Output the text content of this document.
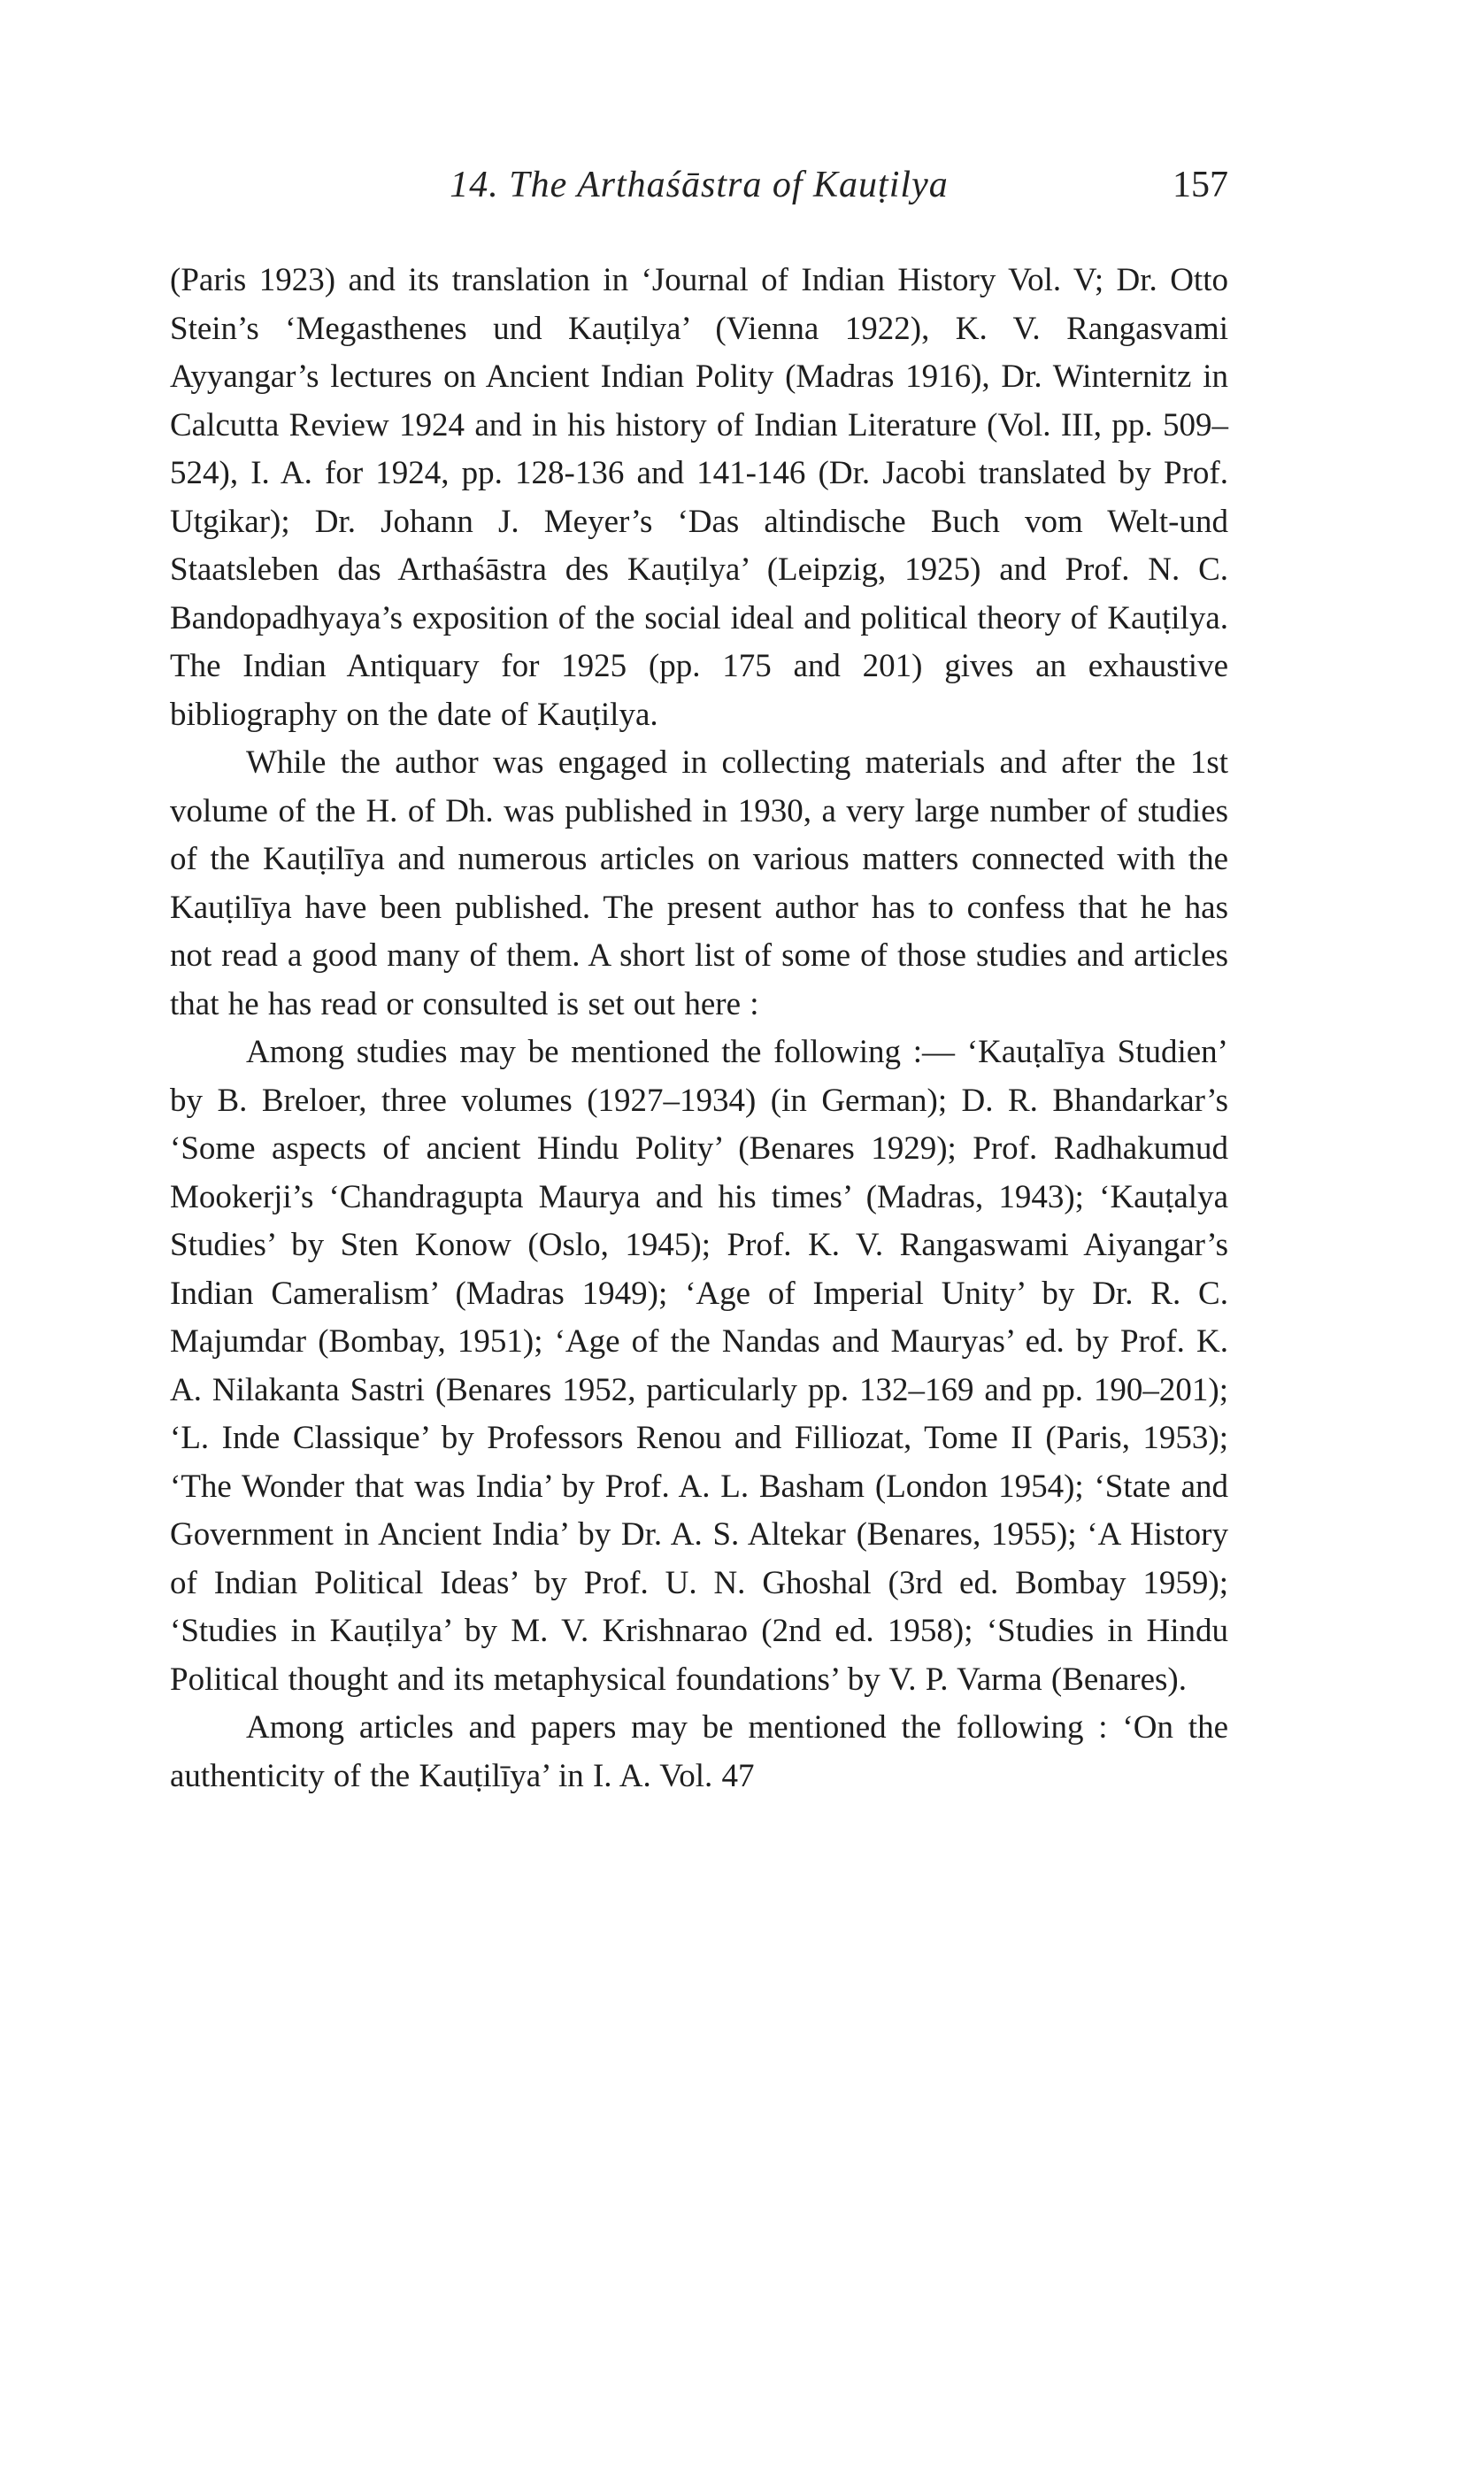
14. The Arthaśāstra of Kauṭilya	157

(Paris 1923) and its translation in ‘Journal of Indian History Vol. V; Dr. Otto Stein’s ‘Megasthenes und Kauṭilya’ (Vienna 1922), K. V. Rangasvami Ayyangar’s lectures on Ancient Indian Polity (Madras 1916), Dr. Winternitz in Calcutta Review 1924 and in his history of Indian Literature (Vol. III, pp. 509–524), I. A. for 1924, pp. 128-136 and 141-146 (Dr. Jacobi translated by Prof. Utgikar); Dr. Johann J. Meyer’s ‘Das altindische Buch vom Welt-und Staatsleben das Arthaśāstra des Kauṭilya’ (Leipzig, 1925) and Prof. N. C. Bandopadhyaya’s exposition of the social ideal and political theory of Kauṭilya. The Indian Antiquary for 1925 (pp. 175 and 201) gives an exhaustive bibliography on the date of Kauṭilya.

While the author was engaged in collecting materials and after the 1st volume of the H. of Dh. was published in 1930, a very large number of studies of the Kauṭilīya and numerous articles on various matters connected with the Kauṭilīya have been published. The present author has to confess that he has not read a good many of them. A short list of some of those studies and articles that he has read or consulted is set out here :

Among studies may be mentioned the following :— ‘Kauṭalīya Studien’ by B. Breloer, three volumes (1927–1934) (in German); D. R. Bhandarkar’s ‘Some aspects of ancient Hindu Polity’ (Benares 1929); Prof. Radhakumud Mookerji’s ‘Chandragupta Maurya and his times’ (Madras, 1943); ‘Kauṭalya Studies’ by Sten Konow (Oslo, 1945); Prof. K. V. Rangaswami Aiyangar’s Indian Cameralism’ (Madras 1949); ‘Age of Imperial Unity’ by Dr. R. C. Majumdar (Bombay, 1951); ‘Age of the Nandas and Mauryas’ ed. by Prof. K. A. Nilakanta Sastri (Benares 1952, particularly pp. 132–169 and pp. 190–201); ‘L. Inde Classique’ by Professors Renou and Filliozat, Tome II (Paris, 1953); ‘The Wonder that was India’ by Prof. A. L. Basham (London 1954); ‘State and Government in Ancient India’ by Dr. A. S. Altekar (Benares, 1955); ‘A History of Indian Political Ideas’ by Prof. U. N. Ghoshal (3rd ed. Bombay 1959); ‘Studies in Kauṭilya’ by M. V. Krishnarao (2nd ed. 1958); ‘Studies in Hindu Political thought and its metaphysical foundations’ by V. P. Varma (Benares).

Among articles and papers may be mentioned the following : ‘On the authenticity of the Kauṭilīya’ in I. A. Vol. 47
